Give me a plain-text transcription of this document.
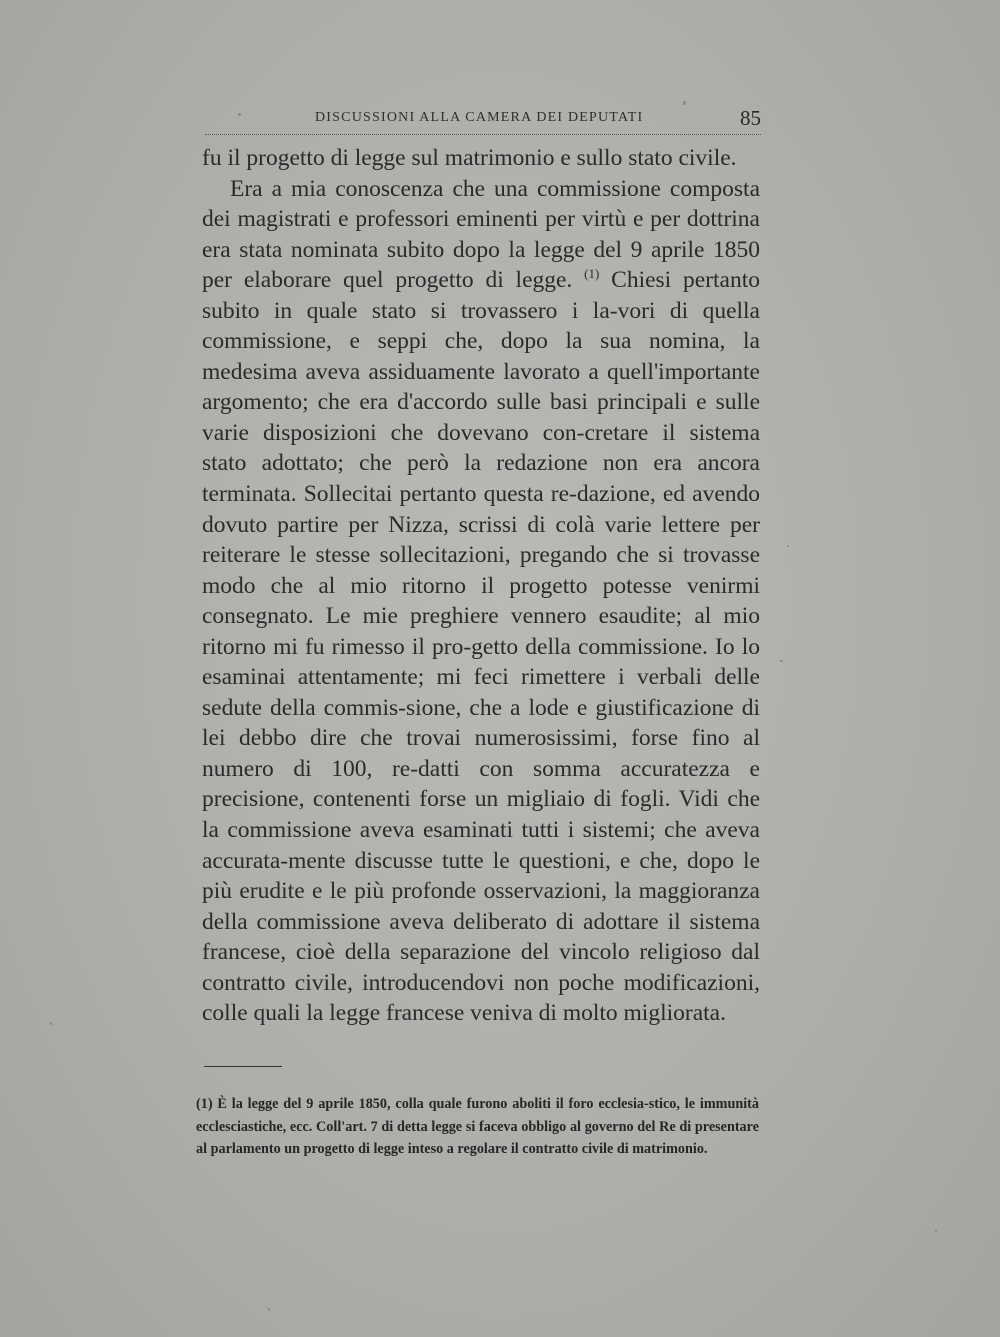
DISCUSSIONI ALLA CAMERA DEI DEPUTATI	85

fu il progetto di legge sul matrimonio e sullo stato civile.

Era a mia conoscenza che una commissione composta dei magistrati e professori eminenti per virtù e per dottrina era stata nominata subito dopo la legge del 9 aprile 1850 per elaborare quel progetto di legge. $^{(1)}$ Chiesi pertanto subito in quale stato si trovassero i la-vori di quella commissione, e seppi che, dopo la sua nomina, la medesima aveva assiduamente lavorato a quell'importante argomento; che era d'accordo sulle basi principali e sulle varie disposizioni che dovevano con-cretare il sistema stato adottato; che però la redazione non era ancora terminata. Sollecitai pertanto questa re-dazione, ed avendo dovuto partire per Nizza, scrissi di colà varie lettere per reiterare le stesse sollecitazioni, pregando che si trovasse modo che al mio ritorno il progetto potesse venirmi consegnato. Le mie preghiere vennero esaudite; al mio ritorno mi fu rimesso il pro-getto della commissione. Io lo esaminai attentamente; mi feci rimettere i verbali delle sedute della commis-sione, che a lode e giustificazione di lei debbo dire che trovai numerosissimi, forse fino al numero di 100, re-datti con somma accuratezza e precisione, contenenti forse un migliaio di fogli. Vidi che la commissione aveva esaminati tutti i sistemi; che aveva accurata-mente discusse tutte le questioni, e che, dopo le più erudite e le più profonde osservazioni, la maggioranza della commissione aveva deliberato di adottare il sistema francese, cioè della separazione del vincolo religioso dal contratto civile, introducendovi non poche modificazioni, colle quali la legge francese veniva di molto migliorata.

(1) È la legge del 9 aprile 1850, colla quale furono aboliti il foro ecclesia-stico, le immunità ecclesciastiche, ecc. Coll'art. 7 di detta legge si faceva obbligo al governo del Re di presentare al parlamento un progetto di legge inteso a regolare il contratto civile di matrimonio.
